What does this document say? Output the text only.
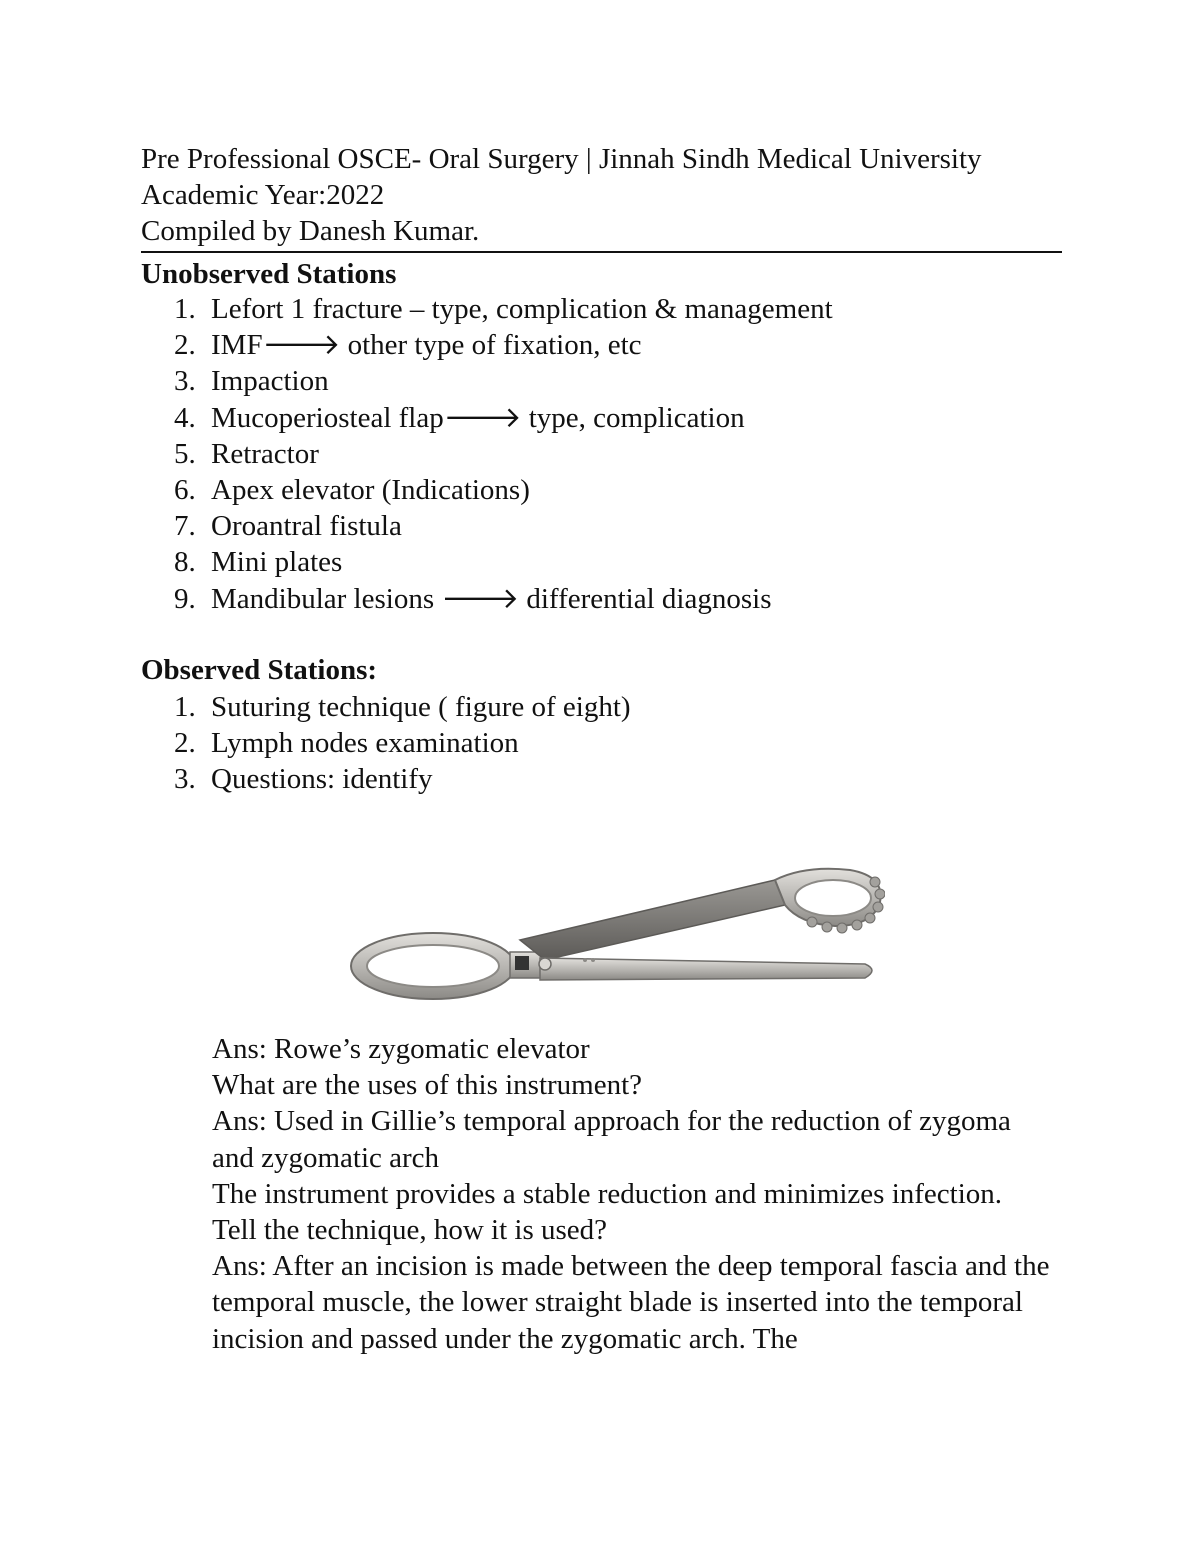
Pre Professional OSCE- Oral Surgery | Jinnah Sindh Medical University
Academic Year:2022
Compiled by Danesh Kumar.
Unobserved Stations
1. Lefort 1 fracture – type, complication & management
2. IMF🡒 other type of fixation, etc
3. Impaction
4. Mucoperiosteal flap🡒 type, complication
5. Retractor
6. Apex elevator (Indications)
7. Oroantral fistula
8. Mini plates
9. Mandibular lesions 🡒 differential diagnosis
Observed Stations:
1. Suturing technique ( figure of eight)
2. Lymph nodes examination
3. Questions: identify

Ans: Rowe’s zygomatic elevator

What are the uses of this instrument?

Ans: Used in Gillie’s temporal approach for the reduction of zygoma and zygomatic arch

The instrument provides a stable reduction and minimizes infection.

Tell the technique, how it is used?

Ans: After an incision is made between the deep temporal fascia and the temporal muscle, the lower straight blade is inserted into the temporal incision and passed under the zygomatic arch. The
